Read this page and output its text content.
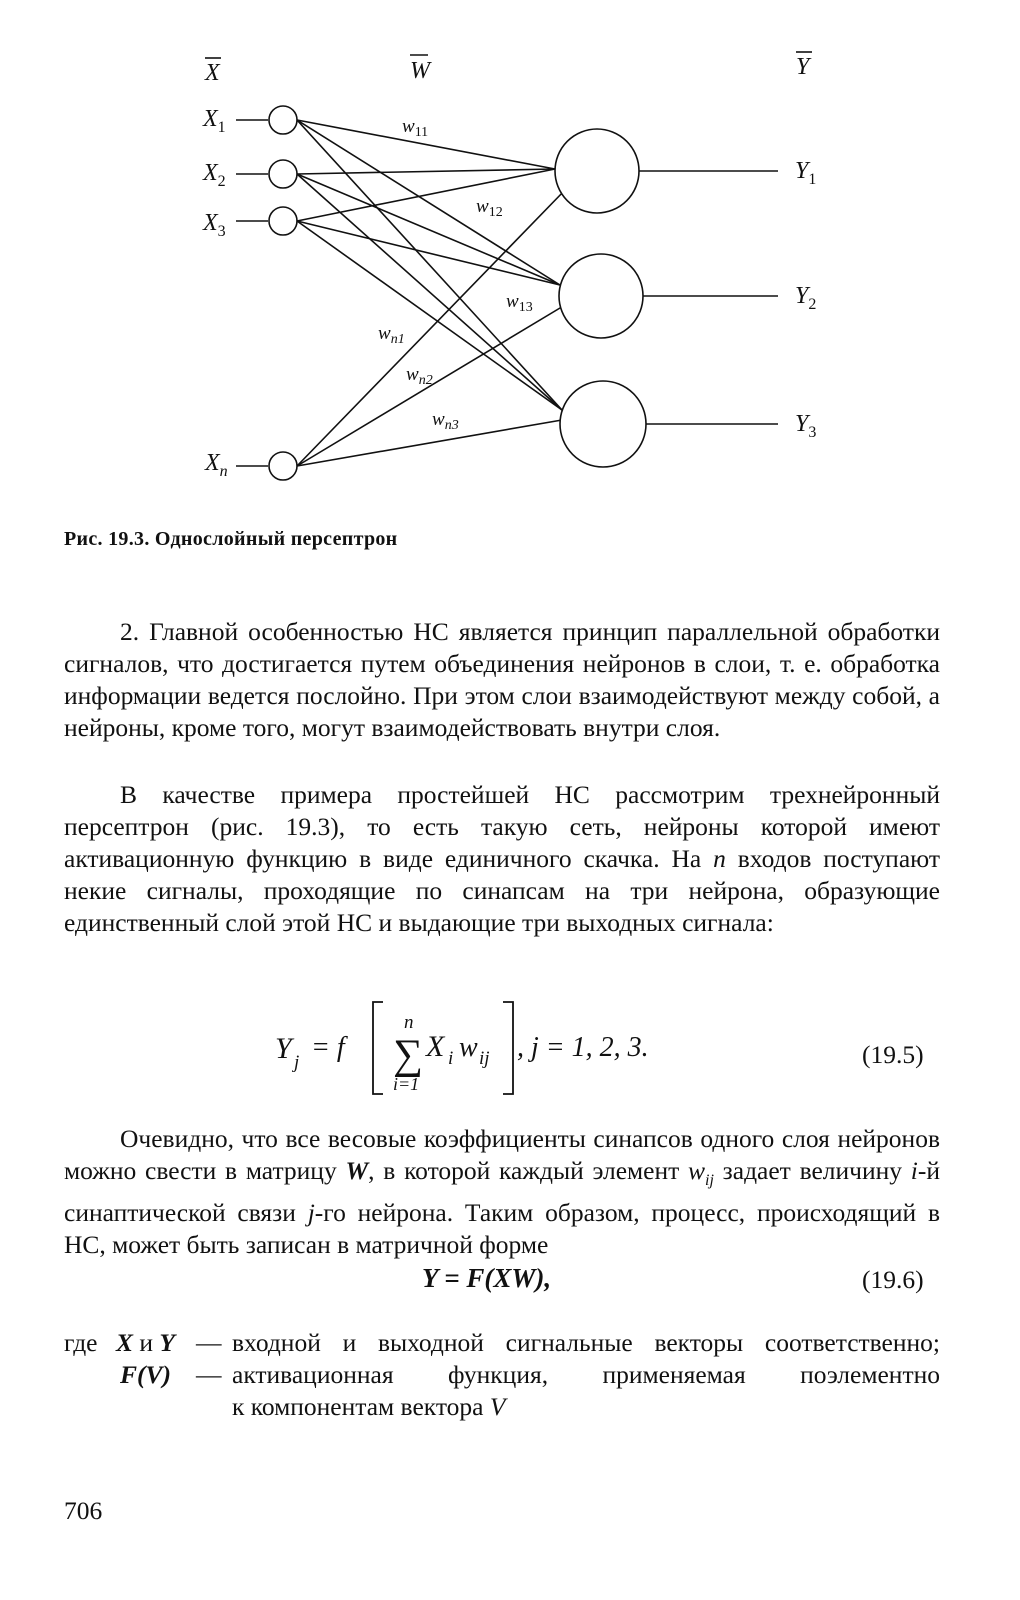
X	W	Y
$X_1$
$X_2$
$X_3$
$X_n$
$Y_1$
$Y_2$
$Y_3$
$w_{11}$
$w_{12}$
$w_{13}$
$w_{n1}$
$w_{n2}$
$w_{n3}$
Рис. 19.3. Однослойный персептрон

2. Главной особенностью НС является принцип параллельной обработки сигналов, что достигается путем объединения нейронов в слои, т. е. обработка информации ведется послойно. При этом слои взаимодействуют между собой, а нейроны, кроме того, могут взаимодействовать внутри слоя.

В качестве примера простейшей НС рассмотрим трехнейронный персептрон (рис. 19.3), то есть такую сеть, нейроны которой имеют активационную функцию в виде единичного скачка. На n входов поступают некие сигналы, проходящие по синапсам на три нейрона, образующие единственный слой этой НС и выдающие три выходных сигнала:

Y j = f
n
i=1
∑ X i w ij , j = 1, 2, 3.	(19.5)

Очевидно, что все весовые коэффициенты синапсов одного слоя нейронов можно свести в матрицу W, в которой каждый элемент $w_{ij}$ задает величину i-й синаптической связи j-го нейрона. Таким образом, процесс, происходящий в НС, может быть записан в матричной форме

Y = F(XW),	(19.6)
где X и Y — входной и выходной сигнальные векторы соответственно;
F(V) — активационная функция, применяемая поэлементно
к компонентам вектора V
706
